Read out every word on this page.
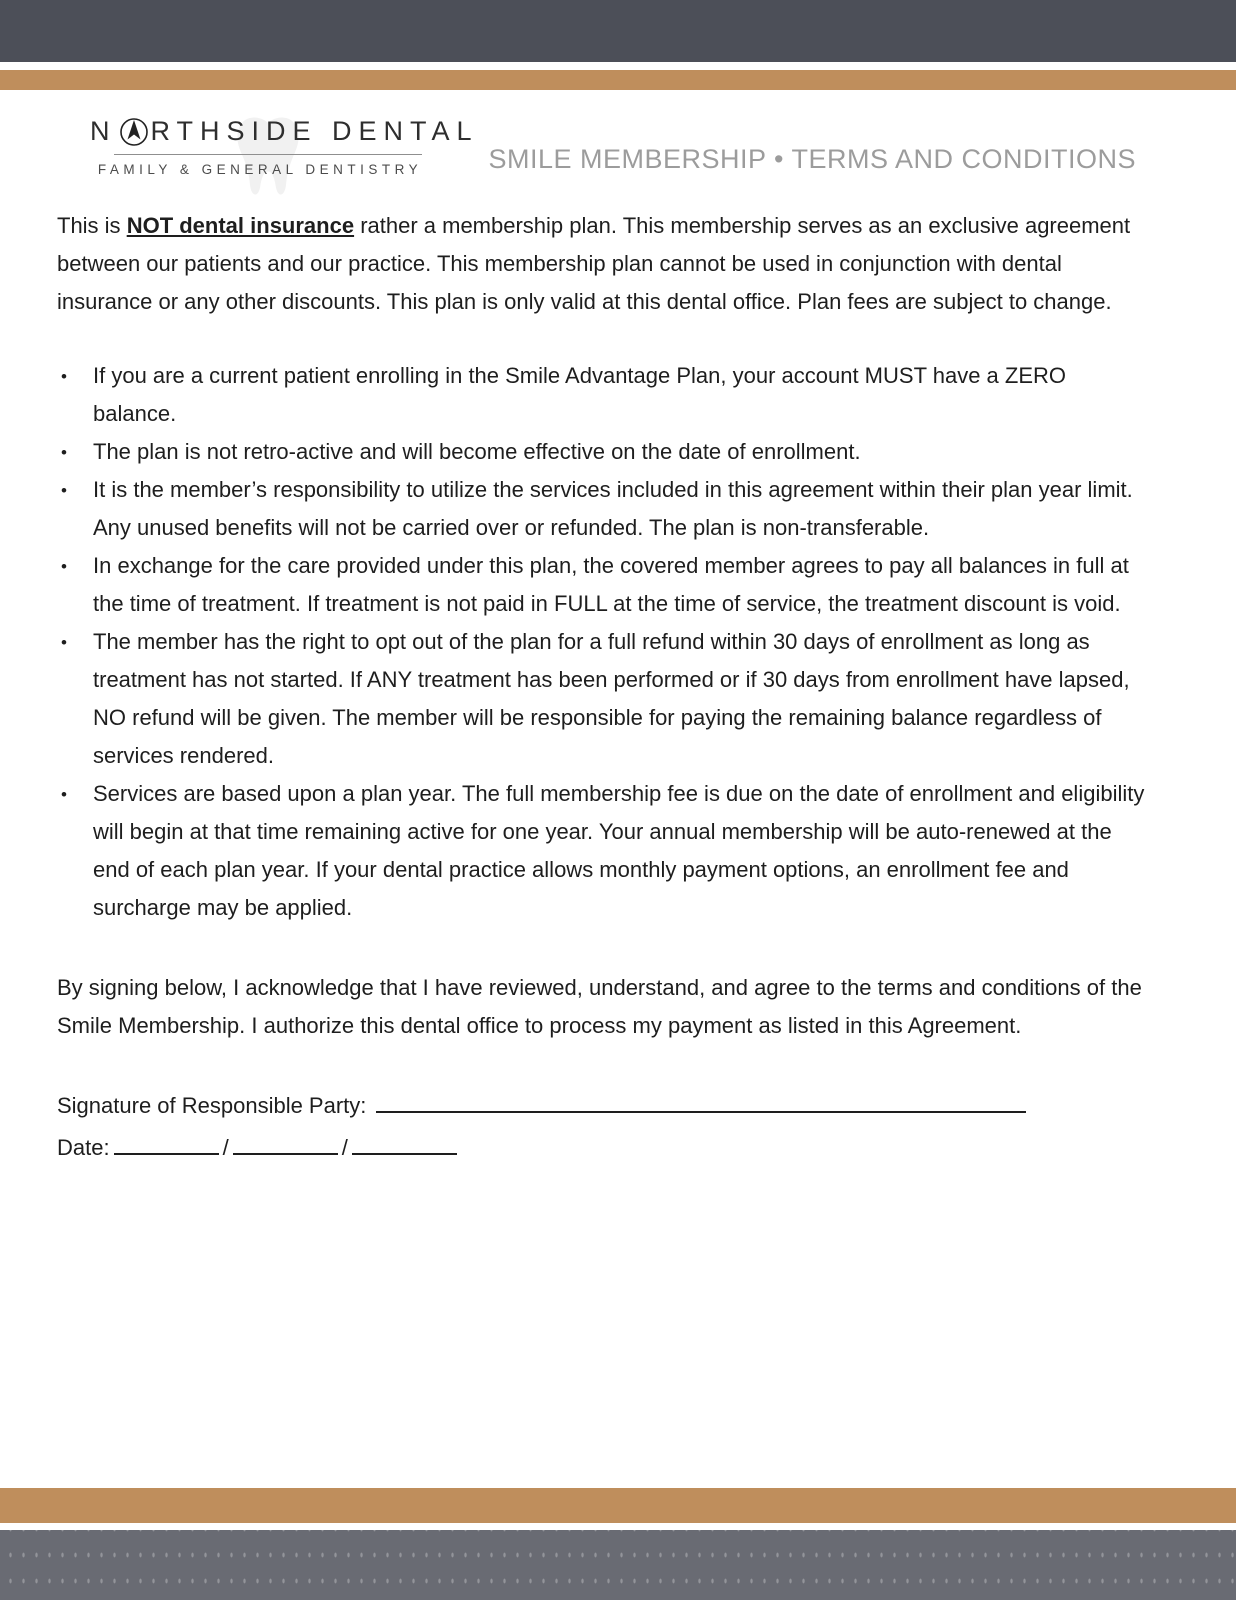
N RTHSIDE DENTAL
FAMILY & GENERAL DENTISTRY SMILE MEMBERSHIP • TERMS AND CONDITIONS

This is NOT dental insurance rather a membership plan. This membership serves as an exclusive agreement between our patients and our practice. This membership plan cannot be used in conjunction with dental insurance or any other discounts. This plan is only valid at this dental office. Plan fees are subject to change.

• If you are a current patient enrolling in the Smile Advantage Plan, your account MUST have a ZERO balance.
• The plan is not retro-active and will become effective on the date of enrollment.
• It is the member’s responsibility to utilize the services included in this agreement within their plan year limit. Any unused benefits will not be carried over or refunded. The plan is non-transferable.
• In exchange for the care provided under this plan, the covered member agrees to pay all balances in full at the time of treatment. If treatment is not paid in FULL at the time of service, the treatment discount is void.
• The member has the right to opt out of the plan for a full refund within 30 days of enrollment as long as treatment has not started. If ANY treatment has been performed or if 30 days from enrollment have lapsed, NO refund will be given. The member will be responsible for paying the remaining balance regardless of services rendered.
• Services are based upon a plan year. The full membership fee is due on the date of enrollment and eligibility will begin at that time remaining active for one year. Your annual membership will be auto-renewed at the end of each plan year. If your dental practice allows monthly payment options, an enrollment fee and surcharge may be applied.

By signing below, I acknowledge that I have reviewed, understand, and agree to the terms and conditions of the Smile Membership. I authorize this dental office to process my payment as listed in this Agreement.

Signature of Responsible Party:
Date:	/	/
